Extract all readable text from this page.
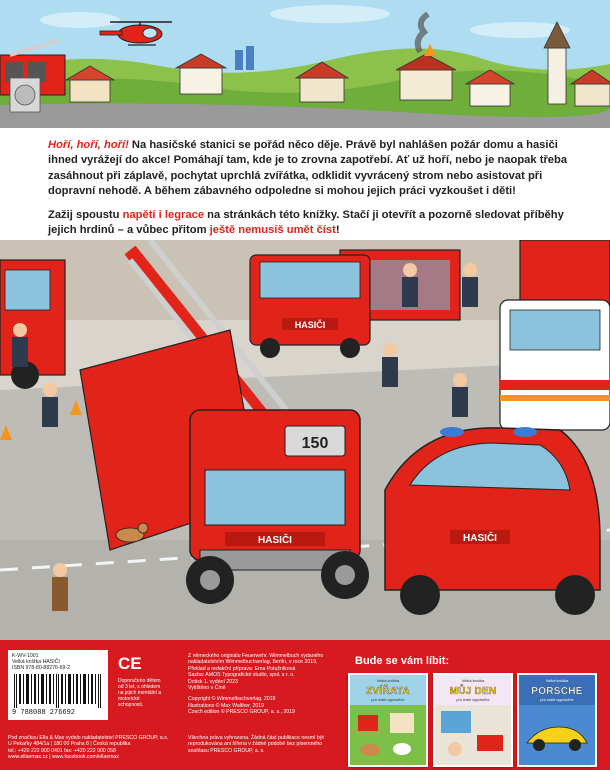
Hoří, hoří, hoří! Na hasičské stanici se pořád něco děje. Právě byl nahlášen požár domu a hasiči ihned vyrážejí do akce! Pomáhají tam, kde je to zrovna zapotřebí. Ať už hoří, nebo je naopak třeba zasáhnout při záplavě, pochytat uprchlá zvířátka, odklidit vyvrácený strom nebo asistovat při dopravní nehodě. A během zábavného odpoledne si mohou jejich práci vyzkoušet i děti!

Zažij spoustu napětí i legrace na stránkách této knížky. Stačí ji otevřít a pozorně sledovat příběhy jejich hrdinů – a vůbec přitom ještě nemusíš umět číst!

HASIČI
150
HASIČI	HASIČI
K-WV-1001
Velká knížka HASIČI
ISBN 978-80-88276-69-2
9 788088 276692
CE
Doporučeno dětem od 3 let, s ohledem na jejich mentální a motorické schopnosti.
Z německého originálu Feuerwehr. Wimmelbuch vydaného nakladatelstvím Wimmelbuchverlag, Berlín, v roce 2019,
Překlad a redakční příprava: Ema Potužníková
Sazba: AMOS Typografické studio, spol. s r. o.
Dotisk 1. vydání 2023
Vytištěno v Číně
Copyright © Wimmelbuchverlag, 2019
Illustrations © Max Walther, 2019
Czech edition © PRESCO GROUP, a. s., 2019
Pod značkou Ella & Max vydalo nakladatelství PRESCO GROUP, a.s.
U Pekařky 484/1a | 180 00 Praha 8 | Česká republika
tel.: +420 222 900 0401 fax: +420 222 900 058
www.ellaemax.cz | www.facebook.com/ellaemax
Všechna práva vyhrazena. Žádná část publikace nesmí být reprodukována ani šířena v žádné podobě bez písemného souhlasu PRESCO GROUP, a. s.
Bude se vám líbit:
Velká knížka
ZVÍŘATA
pro malé vypravěče
Velká knížka
MŮJ DEN
pro malé vypravěče
Velká knížka
PORSCHE
pro malé vypravěče
